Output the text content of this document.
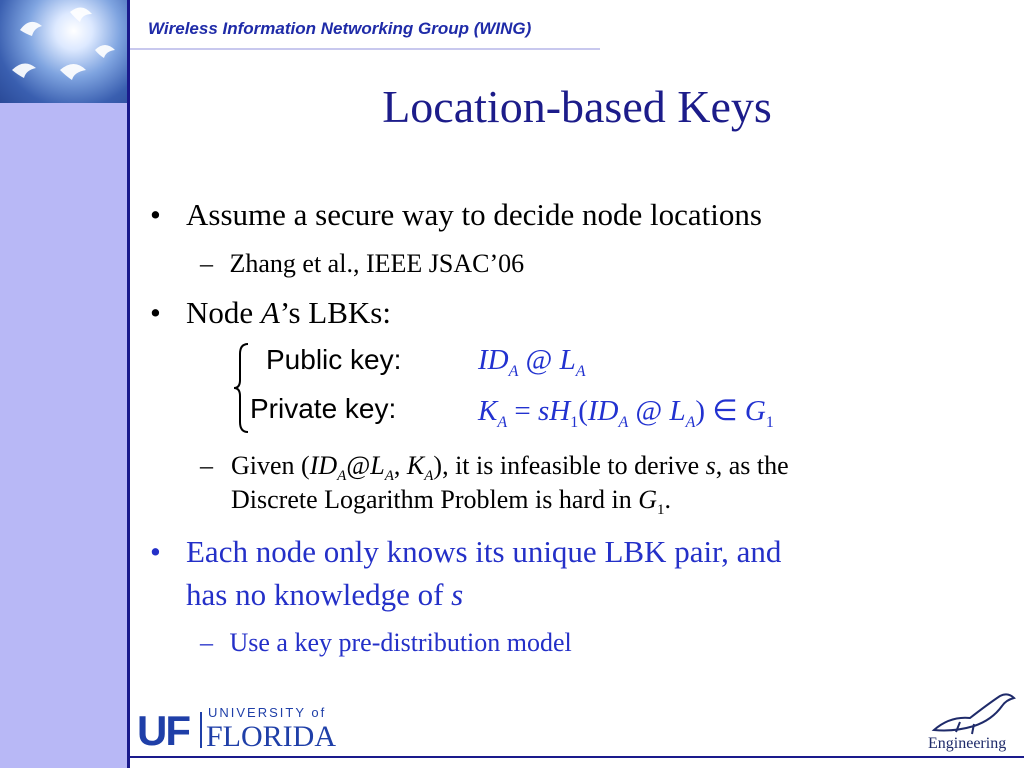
Wireless Information Networking Group (WING)
Location-based Keys
• Assume a secure way to decide node locations
– Zhang et al., IEEE JSAC’06
• Node A’s LBKs:
Public key:
Private key:
$ID_A$ @ $L_A$
$K_A = sH_1(ID_A$ @ $L_A$) ∈ $G_1$
– Given ($ID_A@L_A$, $K_A$), it is infeasible to derive s, as the
Discrete Logarithm Problem is hard in $G_1$.
• Each node only knows its unique LBK pair, and
has no knowledge of s
– Use a key pre-distribution model
UF UNIVERSITY of
FLORIDA	Engineering
